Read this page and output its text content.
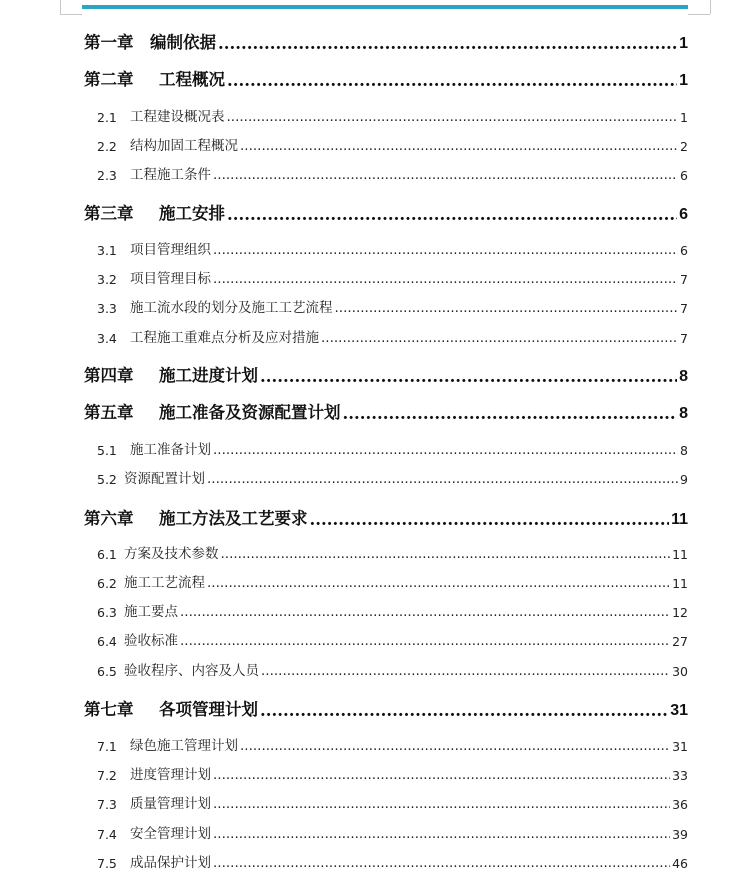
第一章	编制依据 .....	1
第二章	工程概况 .....	1
2.1 工程建设概况表 .....	1
2.2 结构加固工程概况 .....	2
2.3 工程施工条件 .....	6
第三章	施工安排 .....	6
3.1 项目管理组织 .....	6
3.2 项目管理目标 .....	7
3.3 施工流水段的划分及施工工艺流程 .....	7
3.4 工程施工重难点分析及应对措施 .....	7
第四章	施工进度计划 .....	8
第五章	施工准备及资源配置计划 .....	8
5.1 施工准备计划 .....	8
5.2 资源配置计划 .....	9
第六章	施工方法及工艺要求 .....	11
6.1 方案及技术参数 .....	11
6.2 施工工艺流程 .....	11
6.3 施工要点 .....	12
6.4 验收标准 .....	27
6.5 验收程序、内容及人员 .....	30
第七章	各项管理计划 .....	31
7.1 绿色施工管理计划 .....	31
7.2 进度管理计划 .....	33
7.3 质量管理计划 .....	36
7.4 安全管理计划 .....	39
7.5 成品保护计划 .....	46
